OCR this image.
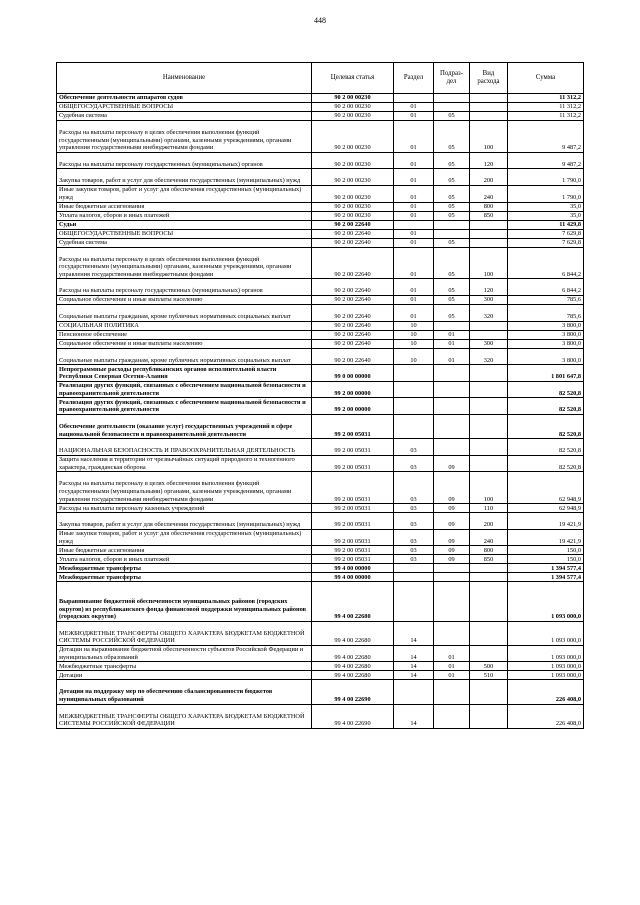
448
Наименование	Целевая статья	Раздел	Подраз- дел	Вид расхода	Сумма
Обеспечение деятельности аппаратов судов	90 2 00 00230				11 312,2
ОБЩЕГОСУДАРСТВЕННЫЕ ВОПРОСЫ	90 2 00 00230	01			11 312,2
Судебная система	90 2 00 00230	01	05		11 312,2
Расходы на выплаты персоналу в целях обеспечения выполнения функций государственными (муниципальными) органами, казенными учреждениями, органами управления государственными внебюджетными фондами	90 2 00 00230	01	05	100	9 487,2
Расходы на выплаты персоналу государственных (муниципальных) органов	90 2 00 00230	01	05	120	9 487,2
Закупка товаров, работ и услуг для обеспечения государственных (муниципальных) нужд	90 2 00 00230	01	05	200	1 790,0
Иные закупки товаров, работ и услуг для обеспечения государственных (муниципальных) нужд	90 2 00 00230	01	05	240	1 790,0
Иные бюджетные ассигнования	90 2 00 00230	01	05	800	35,0
Уплата налогов, сборов и иных платежей	90 2 00 00230	01	05	850	35,0
Судьи	90 2 00 22640				11 429,8
ОБЩЕГОСУДАРСТВЕННЫЕ ВОПРОСЫ	90 2 00 22640	01			7 629,8
Судебная система	90 2 00 22640	01	05		7 629,8
Расходы на выплаты персоналу в целях обеспечения выполнения функций государственными (муниципальными) органами, казенными учреждениями, органами управления государственными внебюджетными фондами	90 2 00 22640	01	05	100	6 844,2
Расходы на выплаты персоналу государственных (муниципальных) органов	90 2 00 22640	01	05	120	6 844,2
Социальное обеспечение и иные выплаты населению	90 2 00 22640	01	05	300	785,6
Социальные выплаты гражданам, кроме публичных нормативных социальных выплат	90 2 00 22640	01	05	320	785,6
СОЦИАЛЬНАЯ ПОЛИТИКА	90 2 00 22640	10			3 800,0
Пенсионное обеспечение	90 2 00 22640	10	01		3 800,0
Социальное обеспечение и иные выплаты населению	90 2 00 22640	10	01	300	3 800,0
Социальные выплаты гражданам, кроме публичных нормативных социальных выплат	90 2 00 22640	10	01	320	3 800,0
Непрограммные расходы республиканских органов исполнительной власти Республики Северная Осетия-Алания	99 0 00 00000				1 801 647,8
Реализация других функций, связанных с обеспечением национальной безопасности и правоохранительной деятельности	99 2 00 00000				82 520,8
Реализация других функций, связанных с обеспечением национальной безопасности и правоохранительной деятельности	99 2 00 00000				82 520,8
Обеспечение деятельности (оказание услуг) государственных учреждений в сфере национальной безопасности и правоохранительной деятельности	99 2 00 05031				82 520,8
НАЦИОНАЛЬНАЯ БЕЗОПАСНОСТЬ И ПРАВООХРАНИТЕЛЬНАЯ ДЕЯТЕЛЬНОСТЬ	99 2 00 05031	03			82 520,8
Защита населения и территории от чрезвычайных ситуаций природного и техногенного характера, гражданская оборона	99 2 00 05031	03	09		82 520,8
Расходы на выплаты персоналу в целях обеспечения выполнения функций государственными (муниципальными) органами, казенными учреждениями, органами управления государственными внебюджетными фондами	99 2 00 05031	03	09	100	62 948,9
Расходы на выплаты персоналу казенных учреждений	99 2 00 05031	03	09	110	62 948,9
Закупка товаров, работ и услуг для обеспечения государственных (муниципальных) нужд	99 2 00 05031	03	09	200	19 421,9
Иные закупки товаров, работ и услуг для обеспечения государственных (муниципальных) нужд	99 2 00 05031	03	09	240	19 421,9
Иные бюджетные ассигнования	99 2 00 05031	03	09	800	150,0
Уплата налогов, сборов и иных платежей	99 2 00 05031	03	09	850	150,0
Межбюджетные трансферты	99 4 00 00000				1 394 577,4
Межбюджетные трансферты	99 4 00 00000				1 394 577,4
Выравнивание бюджетной обеспеченности муниципальных районов (городских округов) из республиканского фонда финансовой поддержки муниципальных районов (городских округов)	99 4 00 22680				1 093 000,0
МЕЖБЮДЖЕТНЫЕ ТРАНСФЕРТЫ ОБЩЕГО ХАРАКТЕРА БЮДЖЕТАМ БЮДЖЕТНОЙ СИСТЕМЫ РОССИЙСКОЙ ФЕДЕРАЦИИ	99 4 00 22680	14			1 093 000,0
Дотации на выравнивание бюджетной обеспеченности субъектов Российской Федерации и муниципальных образований	99 4 00 22680	14	01		1 093 000,0
Межбюджетные трансферты	99 4 00 22680	14	01	500	1 093 000,0
Дотации	99 4 00 22680	14	01	510	1 093 000,0
Дотации на поддержку мер по обеспечению сбалансированности бюджетов муниципальных образований	99 4 00 22690				226 408,0
МЕЖБЮДЖЕТНЫЕ ТРАНСФЕРТЫ ОБЩЕГО ХАРАКТЕРА БЮДЖЕТАМ БЮДЖЕТНОЙ СИСТЕМЫ РОССИЙСКОЙ ФЕДЕРАЦИИ	99 4 00 22690	14			226 408,0
